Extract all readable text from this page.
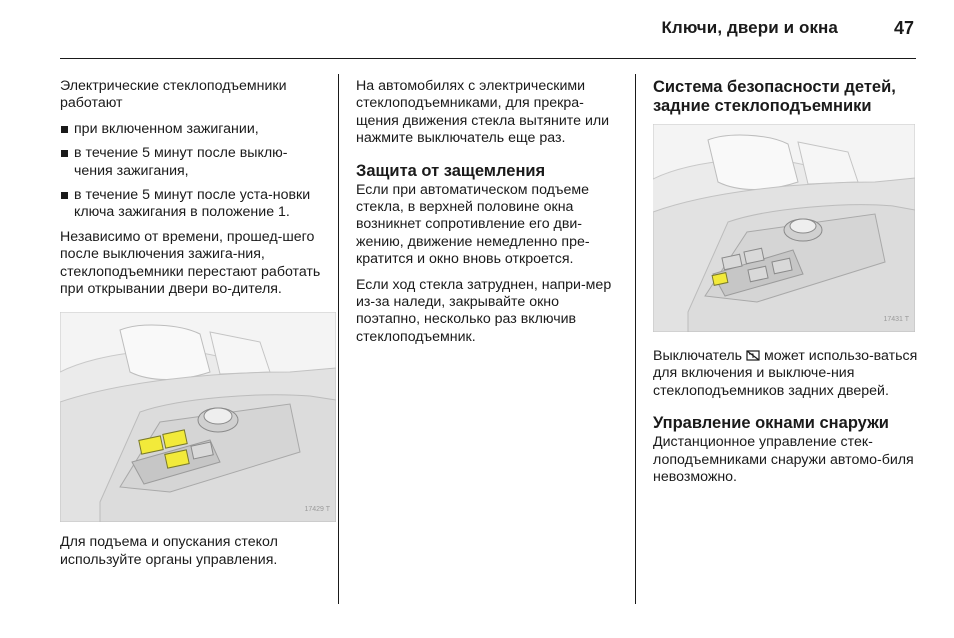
Ключи, двери и окна	47

Электрические стеклоподъемники работают

при включенном зажигании,
в течение 5 минут после выклю-чения зажигания,
в течение 5 минут после уста-новки ключа зажигания в положение 1.

Независимо от времени, прошед-шего после выключения зажига-ния, стеклоподъемники перестают работать при открывании двери во-дителя.

17429 T

Для подъема и опускания стекол используйте органы управления.

На автомобилях с электрическими стеклоподъемниками, для прекра-щения движения стекла вытяните или нажмите выключатель еще раз.

Защита от защемления

Если при автоматическом подъеме стекла, в верхней половине окна возникнет сопротивление его дви-жению, движение немедленно пре-кратится и окно вновь откроется.

Если ход стекла затруднен, напри-мер из-за наледи, закрывайте окно поэтапно, несколько раз включив стеклоподъемник.

Система безопасности детей, задние стеклоподъемники

17431 T

Выключатель может использо-ваться для включения и выключе-ния стеклоподъемников задних дверей.

Управление окнами снаружи

Дистанционное управление стек-лоподъемниками снаружи автомо-биля невозможно.
